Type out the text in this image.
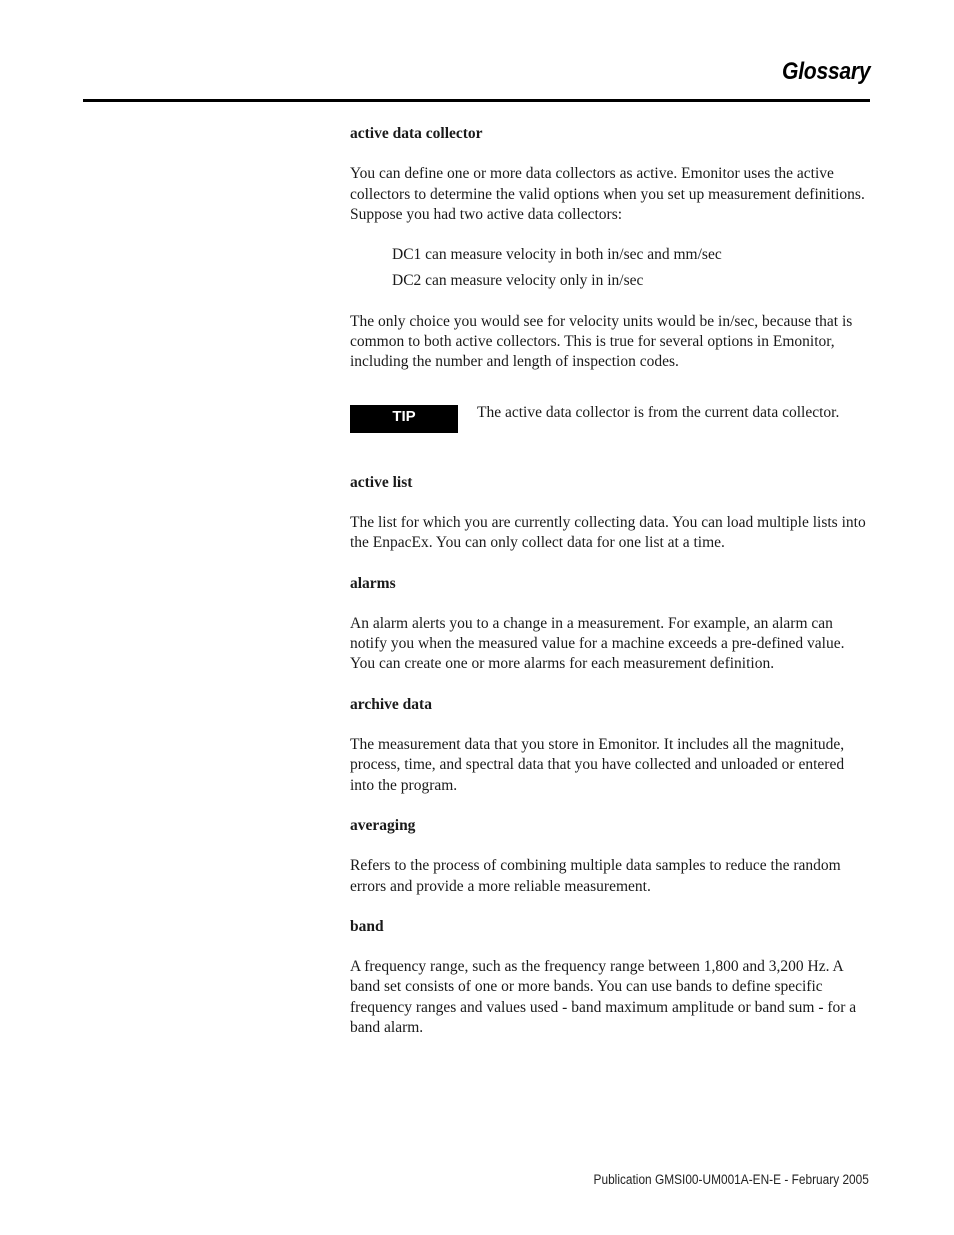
Glossary

active data collector

You can define one or more data collectors as active. Emonitor uses the active collectors to determine the valid options when you set up measurement definitions. Suppose you had two active data collectors:

DC1 can measure velocity in both in/sec and mm/sec

DC2 can measure velocity only in in/sec

The only choice you would see for velocity units would be in/sec, because that is common to both active collectors. This is true for several options in Emonitor, including the number and length of inspection codes.

TIP	The active data collector is from the current data collector.

active list

The list for which you are currently collecting data. You can load multiple lists into the EnpacEx. You can only collect data for one list at a time.

alarms

An alarm alerts you to a change in a measurement. For example, an alarm can notify you when the measured value for a machine exceeds a pre-defined value. You can create one or more alarms for each measurement definition.

archive data

The measurement data that you store in Emonitor. It includes all the magnitude, process, time, and spectral data that you have collected and unloaded or entered into the program.

averaging

Refers to the process of combining multiple data samples to reduce the random errors and provide a more reliable measurement.

band

A frequency range, such as the frequency range between 1,800 and 3,200 Hz. A band set consists of one or more bands. You can use bands to define specific frequency ranges and values used - band maximum amplitude or band sum - for a band alarm.

Publication GMSI00-UM001A-EN-E - February 2005
